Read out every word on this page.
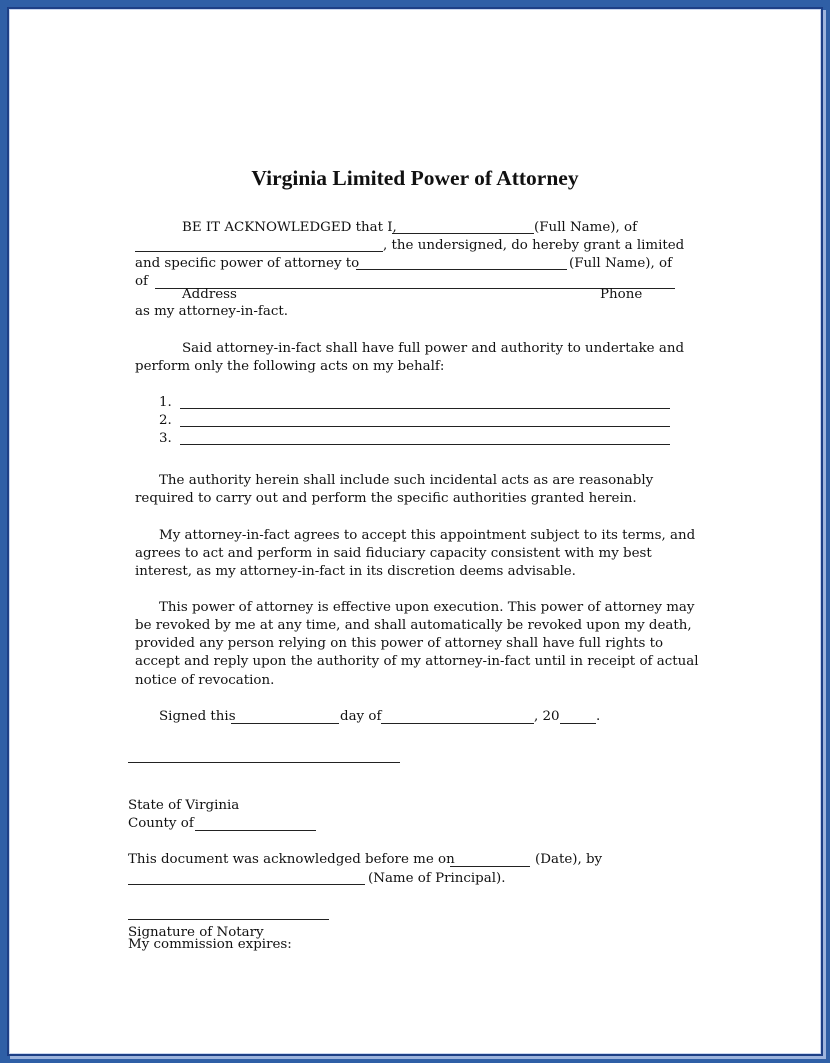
Virginia Limited Power of Attorney
BE IT ACKNOWLEDGED that I,	(Full Name), of
, the undersigned, do hereby grant a limited
and specific power of attorney to	(Full Name), of
of
Address	Phone
as my attorney-in-fact.
Said attorney-in-fact shall have full power and authority to undertake and
perform only the following acts on my behalf:
1.
2.
3.
The authority herein shall include such incidental acts as are reasonably
required to carry out and perform the specific authorities granted herein.
My attorney-in-fact agrees to accept this appointment subject to its terms, and
agrees to act and perform in said fiduciary capacity consistent with my best
interest, as my attorney-in-fact in its discretion deems advisable.
This power of attorney is effective upon execution. This power of attorney may
be revoked by me at any time, and shall automatically be revoked upon my death,
provided any person relying on this power of attorney shall have full rights to
accept and reply upon the authority of my attorney-in-fact until in receipt of actual
notice of revocation.
Signed this	day of	, 20	.
State of Virginia
County of
This document was acknowledged before me on	(Date), by
(Name of Principal).
Signature of Notary
My commission expires:
